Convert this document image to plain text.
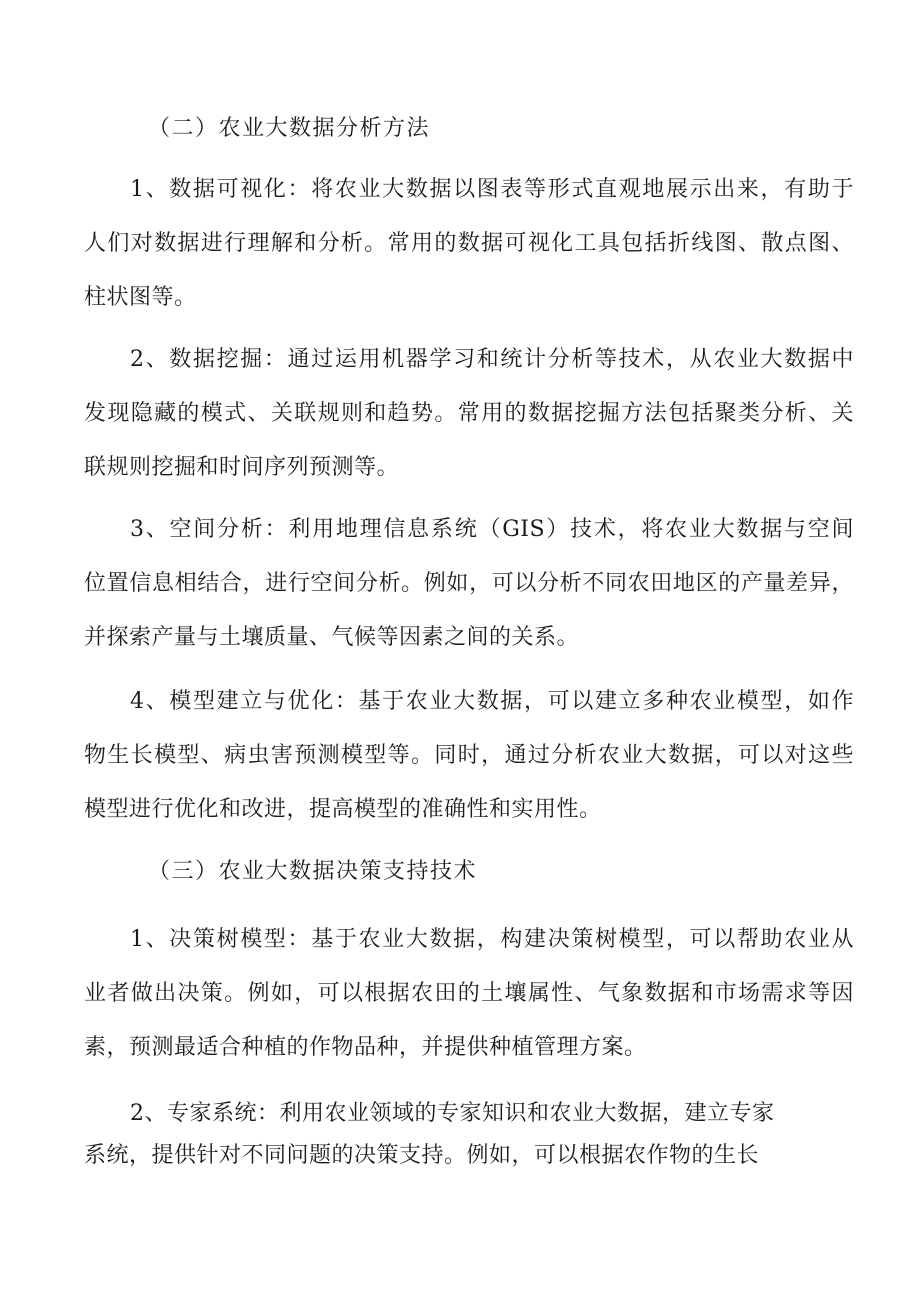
（二）农业大数据分析方法
1、数据可视化：将农业大数据以图表等形式直观地展示出来，有助于
人们对数据进行理解和分析。常用的数据可视化工具包括折线图、散点图、
柱状图等。
2、数据挖掘：通过运用机器学习和统计分析等技术，从农业大数据中
发现隐藏的模式、关联规则和趋势。常用的数据挖掘方法包括聚类分析、关
联规则挖掘和时间序列预测等。
3、空间分析：利用地理信息系统（GIS）技术，将农业大数据与空间
位置信息相结合，进行空间分析。例如，可以分析不同农田地区的产量差异，
并探索产量与土壤质量、气候等因素之间的关系。
4、模型建立与优化：基于农业大数据，可以建立多种农业模型，如作
物生长模型、病虫害预测模型等。同时，通过分析农业大数据，可以对这些
模型进行优化和改进，提高模型的准确性和实用性。
（三）农业大数据决策支持技术
1、决策树模型：基于农业大数据，构建决策树模型，可以帮助农业从
业者做出决策。例如，可以根据农田的土壤属性、气象数据和市场需求等因
素，预测最适合种植的作物品种，并提供种植管理方案。
2、专家系统：利用农业领域的专家知识和农业大数据，建立专家
系统，提供针对不同问题的决策支持。例如，可以根据农作物的生长
